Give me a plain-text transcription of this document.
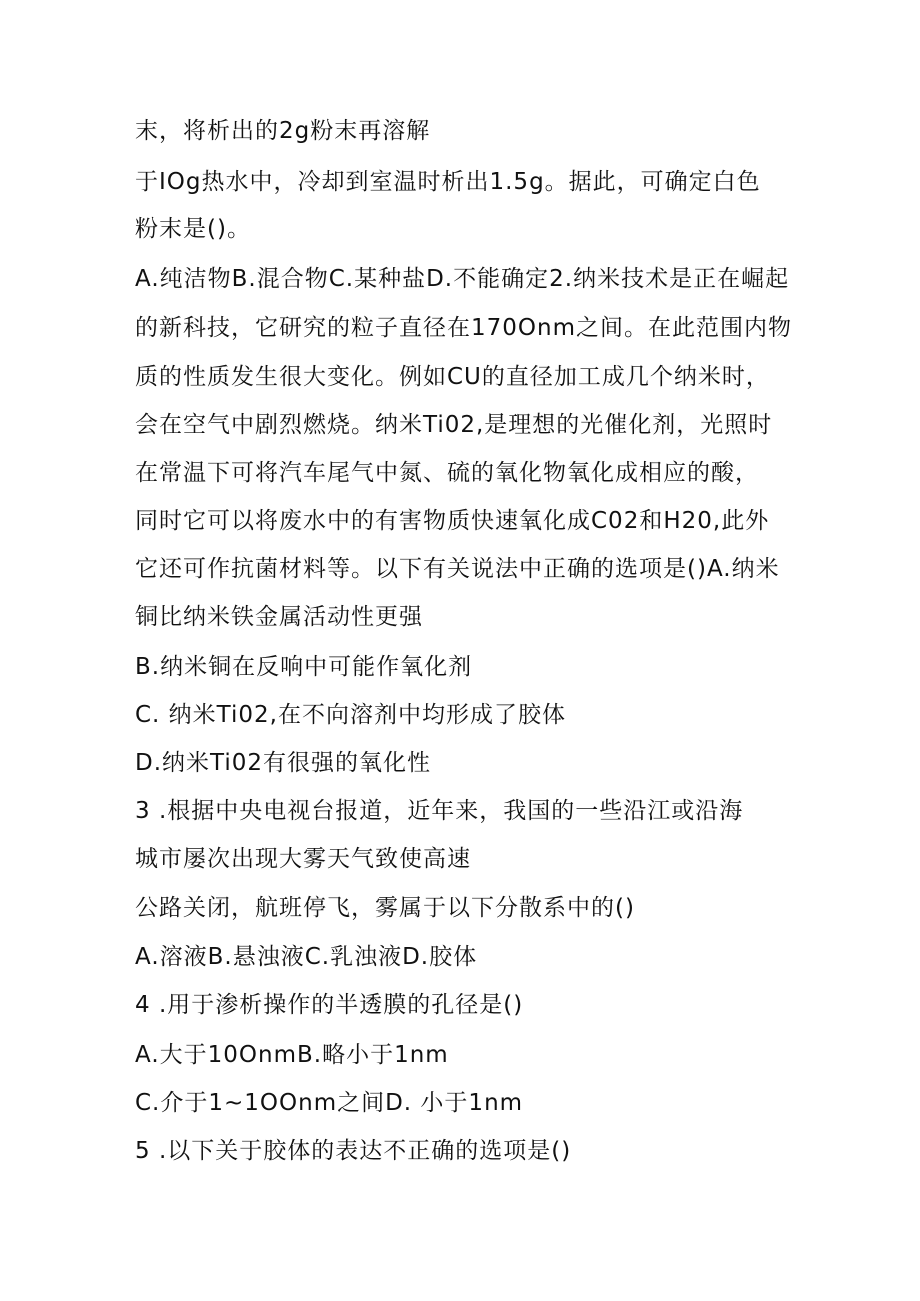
末，将析出的2g粉末再溶解
于IOg热水中，冷却到室温时析出1.5g。据此，可确定白色
粉末是()。
A.纯洁物B.混合物C.某种盐D.不能确定2.纳米技术是正在崛起
的新科技，它研究的粒子直径在170Onm之间。在此范围内物
质的性质发生很大变化。例如CU的直径加工成几个纳米时，
会在空气中剧烈燃烧。纳米Ti02,是理想的光催化剂，光照时
在常温下可将汽车尾气中氮、硫的氧化物氧化成相应的酸，
同时它可以将废水中的有害物质快速氧化成C02和H20,此外
它还可作抗菌材料等。以下有关说法中正确的选项是()A.纳米
铜比纳米铁金属活动性更强
B.纳米铜在反响中可能作氧化剂
C. 纳米Ti02,在不向溶剂中均形成了胶体
D.纳米Ti02有很强的氧化性
3 .根据中央电视台报道，近年来，我国的一些沿江或沿海
城市屡次出现大雾天气致使高速
公路关闭，航班停飞，雾属于以下分散系中的()
A.溶液B.悬浊液C.乳浊液D.胶体
4 .用于渗析操作的半透膜的孔径是()
A.大于10OnmB.略小于1nm
C.介于1~1OOnm之间D. 小于1nm
5 .以下关于胶体的表达不正确的选项是()
